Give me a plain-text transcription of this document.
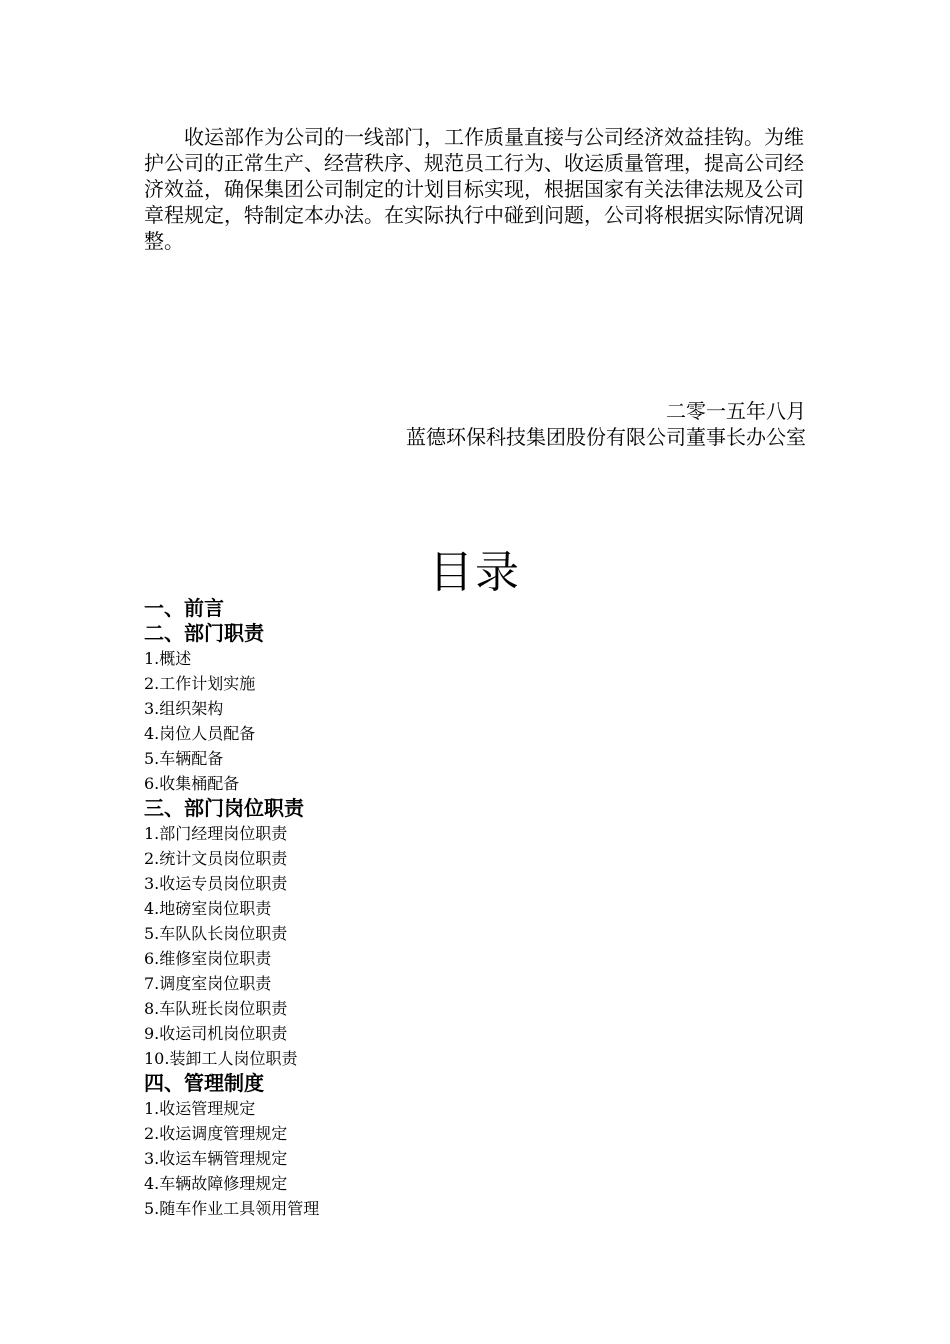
收运部作为公司的一线部门，工作质量直接与公司经济效益挂钩。为维护公司的正常生产、经营秩序、规范员工行为、收运质量管理，提高公司经济效益，确保集团公司制定的计划目标实现，根据国家有关法律法规及公司章程规定，特制定本办法。在实际执行中碰到问题，公司将根据实际情况调整。

二零一五年八月
蓝德环保科技集团股份有限公司董事长办公室
目录
一、前言
二、部门职责
1.概述
2.工作计划实施
3.组织架构
4.岗位人员配备
5.车辆配备
6.收集桶配备
三、部门岗位职责
1.部门经理岗位职责
2.统计文员岗位职责
3.收运专员岗位职责
4.地磅室岗位职责
5.车队队长岗位职责
6.维修室岗位职责
7.调度室岗位职责
8.车队班长岗位职责
9.收运司机岗位职责
10.装卸工人岗位职责
四、管理制度
1.收运管理规定
2.收运调度管理规定
3.收运车辆管理规定
4.车辆故障修理规定
5.随车作业工具领用管理
